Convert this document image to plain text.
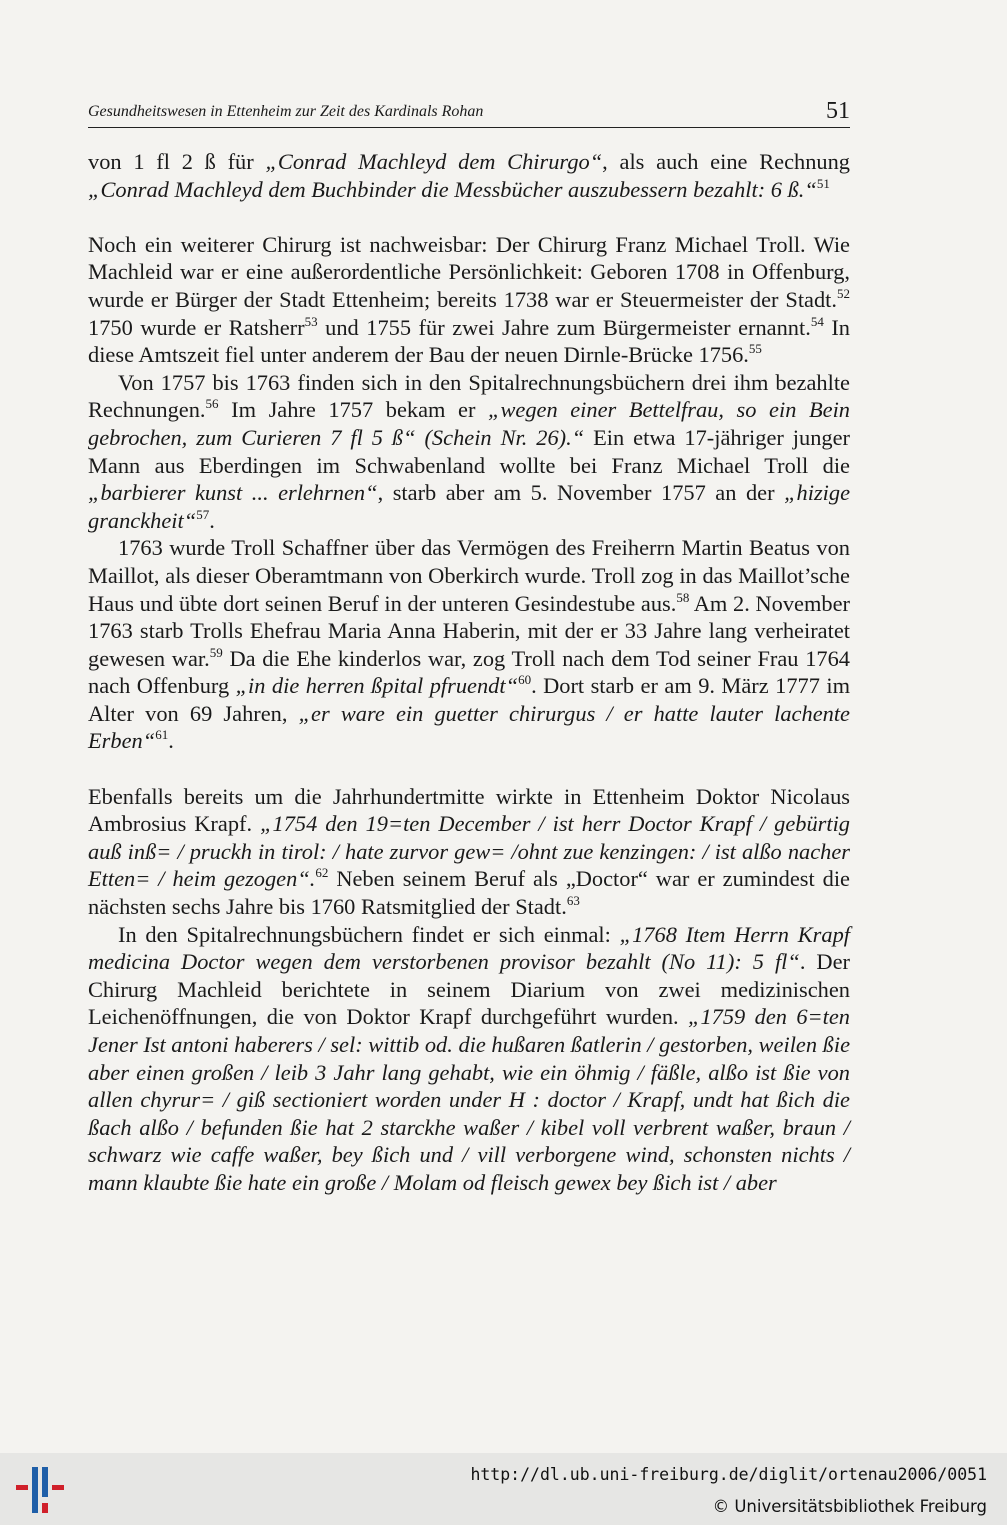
Gesundheitswesen in Ettenheim zur Zeit des Kardinals Rohan	51

von 1 fl 2 ß für „Conrad Machleyd dem Chirurgo“, als auch eine Rechnung „Conrad Machleyd dem Buchbinder die Messbücher auszubessern bezahlt: 6 ß.“$^{51}$

Noch ein weiterer Chirurg ist nachweisbar: Der Chirurg Franz Michael Troll. Wie Machleid war er eine außerordentliche Persönlichkeit: Geboren 1708 in Offenburg, wurde er Bürger der Stadt Ettenheim; bereits 1738 war er Steuermeister der Stadt.$^{52}$ 1750 wurde er Ratsherr$^{53}$ und 1755 für zwei Jahre zum Bürgermeister ernannt.$^{54}$ In diese Amtszeit fiel unter anderem der Bau der neuen Dirnle-Brücke 1756.55

Von 1757 bis 1763 finden sich in den Spitalrechnungsbüchern drei ihm bezahlte Rechnungen.$^{56}$ Im Jahre 1757 bekam er „wegen einer Bettelfrau, so ein Bein gebrochen, zum Curieren 7 fl 5 ß“ (Schein Nr. 26).“ Ein etwa 17-jähriger junger Mann aus Eberdingen im Schwabenland wollte bei Franz Michael Troll die „barbierer kunst ... erlehrnen“, starb aber am 5. November 1757 an der „hizige granckheit“$^{57}$.

1763 wurde Troll Schaffner über das Vermögen des Freiherrn Martin Beatus von Maillot, als dieser Oberamtmann von Oberkirch wurde. Troll zog in das Maillot’sche Haus und übte dort seinen Beruf in der unteren Gesindestube aus.$^{58}$ Am 2. November 1763 starb Trolls Ehefrau Maria Anna Haberin, mit der er 33 Jahre lang verheiratet gewesen war.$^{59}$ Da die Ehe kinderlos war, zog Troll nach dem Tod seiner Frau 1764 nach Offenburg „in die herren ßpital pfruendt“$^{60}$. Dort starb er am 9. März 1777 im Alter von 69 Jahren, „er ware ein guetter chirurgus / er hatte lauter lachente Erben“$^{61}$.

Ebenfalls bereits um die Jahrhundertmitte wirkte in Ettenheim Doktor Nicolaus Ambrosius Krapf. „1754 den 19=ten December / ist herr Doctor Krapf / gebürtig auß inß= / pruckh in tirol: / hate zurvor gew= /ohnt zue kenzingen: / ist alßo nacher Etten= / heim gezogen“.$^{62}$ Neben seinem Beruf als „Doctor“ war er zumindest die nächsten sechs Jahre bis 1760 Ratsmitglied der Stadt.$^{63}$

In den Spitalrechnungsbüchern findet er sich einmal: „1768 Item Herrn Krapf medicina Doctor wegen dem verstorbenen provisor bezahlt (No 11): 5 fl“. Der Chirurg Machleid berichtete in seinem Diarium von zwei medizinischen Leichenöffnungen, die von Doktor Krapf durchgeführt wurden. „1759 den 6=ten Jener Ist antoni haberers / sel: wittib od. die hußaren ßatlerin / gestorben, weilen ßie aber einen großen / leib 3 Jahr lang gehabt, wie ein öhmig / fäßle, alßo ist ßie von allen chyrur= / giß sectioniert worden under H : doctor / Krapf, undt hat ßich die ßach alßo / befunden ßie hat 2 starckhe waßer / kibel voll verbrent waßer, braun / schwarz wie caffe waßer, bey ßich und / vill verborgene wind, schonsten nichts / mann klaubte ßie hate ein große / Molam od fleisch gewex bey ßich ist / aber

http://dl.ub.uni-freiburg.de/diglit/ortenau2006/0051
© Universitätsbibliothek Freiburg
